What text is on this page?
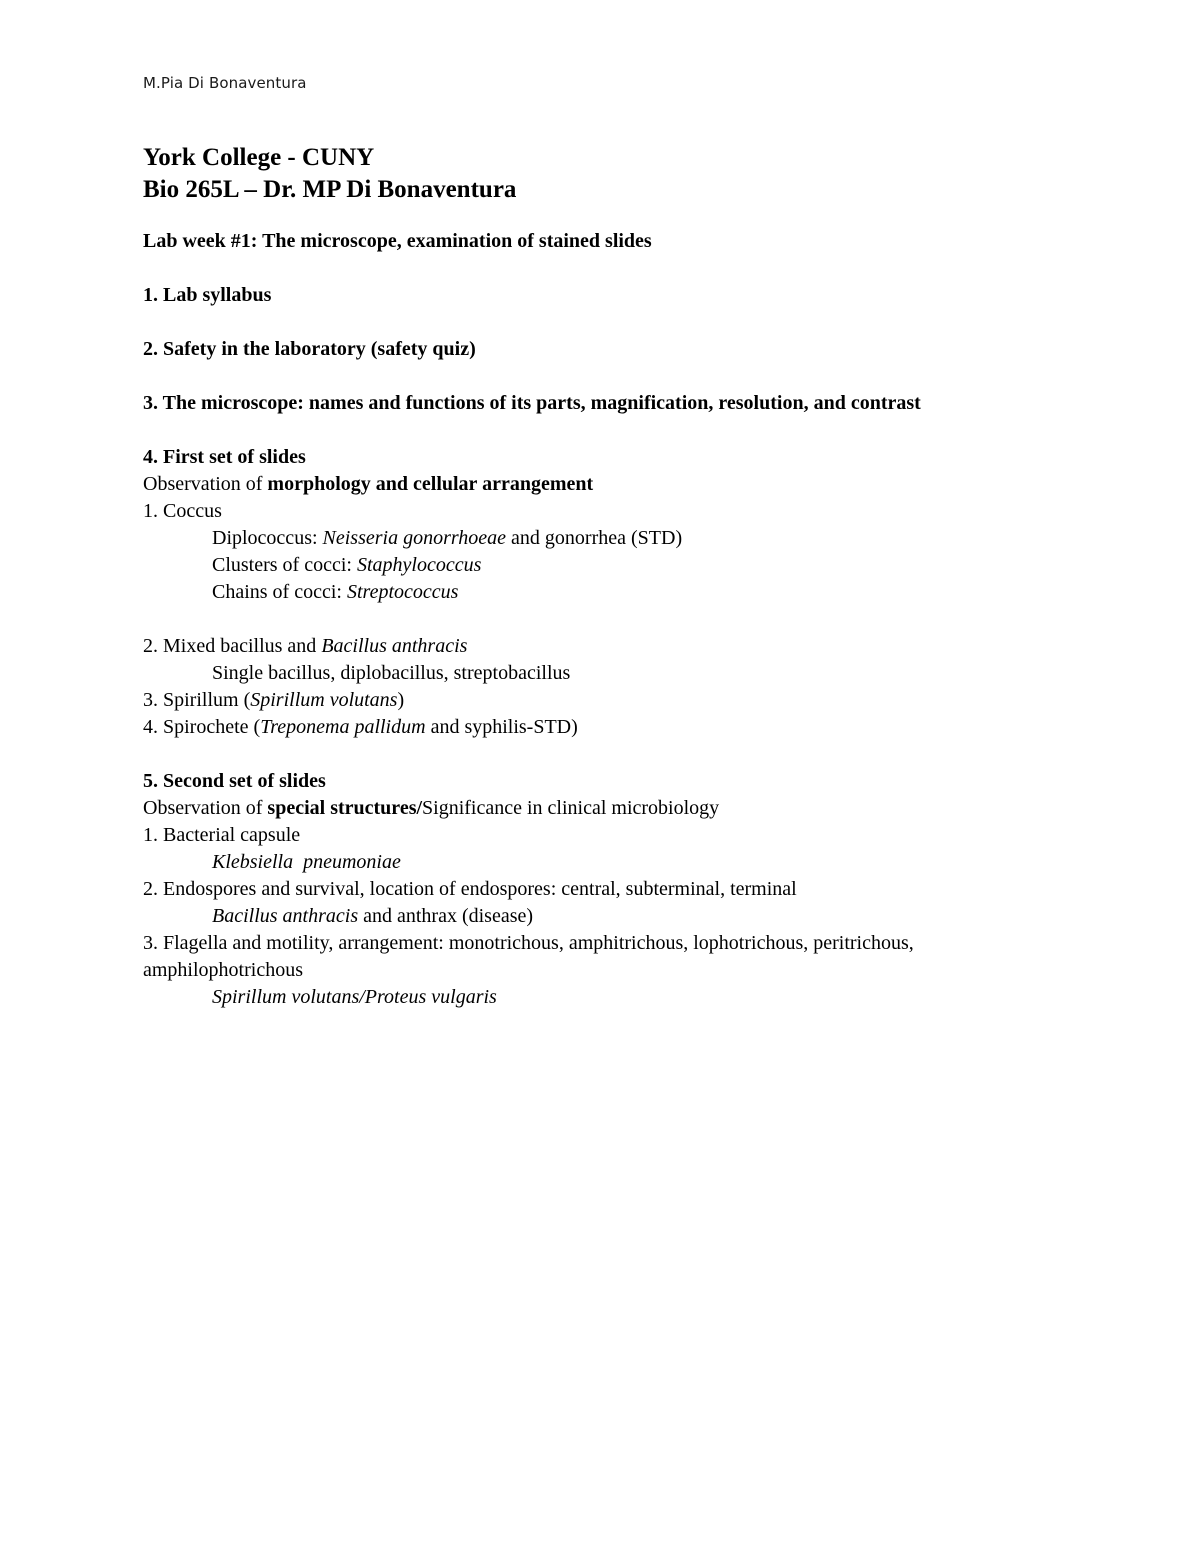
M.Pia Di Bonaventura

York College - CUNY

Bio 265L – Dr. MP Di Bonaventura

Lab week #1: The microscope, examination of stained slides

1. Lab syllabus

2. Safety in the laboratory (safety quiz)

3. The microscope: names and functions of its parts, magnification, resolution, and contrast

4. First set of slides

Observation of morphology and cellular arrangement

1. Coccus

Diplococcus: Neisseria gonorrhoeae and gonorrhea (STD)

Clusters of cocci: Staphylococcus

Chains of cocci: Streptococcus

2. Mixed bacillus and Bacillus anthracis

Single bacillus, diplobacillus, streptobacillus

3. Spirillum (Spirillum volutans)

4. Spirochete (Treponema pallidum and syphilis-STD)

5. Second set of slides

Observation of special structures/Significance in clinical microbiology

1. Bacterial capsule

Klebsiella  pneumoniae

2. Endospores and survival, location of endospores: central, subterminal, terminal

Bacillus anthracis and anthrax (disease)

3. Flagella and motility, arrangement: monotrichous, amphitrichous, lophotrichous, peritrichous, amphilophotrichous

Spirillum volutans/Proteus vulgaris
